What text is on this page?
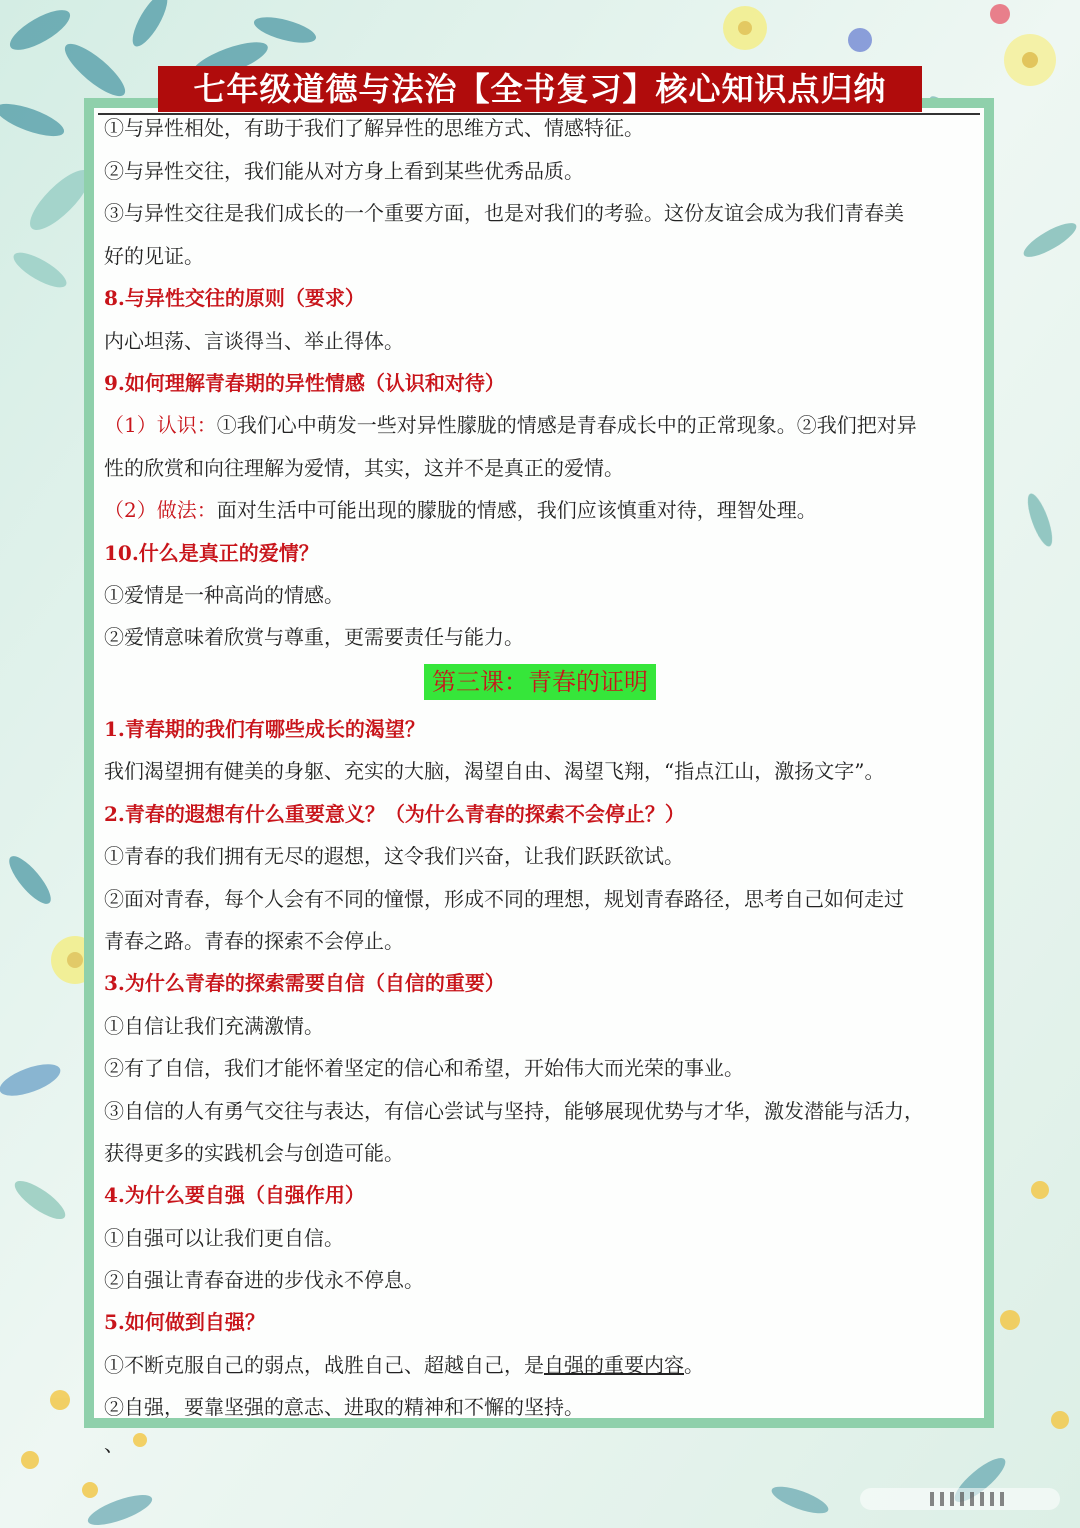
七年级道德与法治【全书复习】核心知识点归纳
①与异性相处，有助于我们了解异性的思维方式、情感特征。
②与异性交往，我们能从对方身上看到某些优秀品质。
③与异性交往是我们成长的一个重要方面，也是对我们的考验。这份友谊会成为我们青春美
好的见证。
8.与异性交往的原则（要求）
内心坦荡、言谈得当、举止得体。
9.如何理解青春期的异性情感（认识和对待）
（1）认识：①我们心中萌发一些对异性朦胧的情感是青春成长中的正常现象。②我们把对异
性的欣赏和向往理解为爱情，其实，这并不是真正的爱情。
（2）做法：面对生活中可能出现的朦胧的情感，我们应该慎重对待，理智处理。
10.什么是真正的爱情？
①爱情是一种高尚的情感。
②爱情意味着欣赏与尊重，更需要责任与能力。
第三课：青春的证明
1.青春期的我们有哪些成长的渴望？
我们渴望拥有健美的身躯、充实的大脑，渴望自由、渴望飞翔，“指点江山，激扬文字”。
2.青春的遐想有什么重要意义？（为什么青春的探索不会停止？）
①青春的我们拥有无尽的遐想，这令我们兴奋，让我们跃跃欲试。
②面对青春，每个人会有不同的憧憬，形成不同的理想，规划青春路径，思考自己如何走过
青春之路。青春的探索不会停止。
3.为什么青春的探索需要自信（自信的重要）
①自信让我们充满激情。
②有了自信，我们才能怀着坚定的信心和希望，开始伟大而光荣的事业。
③自信的人有勇气交往与表达，有信心尝试与坚持，能够展现优势与才华，激发潜能与活力，
获得更多的实践机会与创造可能。
4.为什么要自强（自强作用）
①自强可以让我们更自信。
②自强让青春奋进的步伐永不停息。
5.如何做到自强？
①不断克服自己的弱点，战胜自己、超越自己，是自强的重要内容。
②自强，要靠坚强的意志、进取的精神和不懈的坚持。
、
